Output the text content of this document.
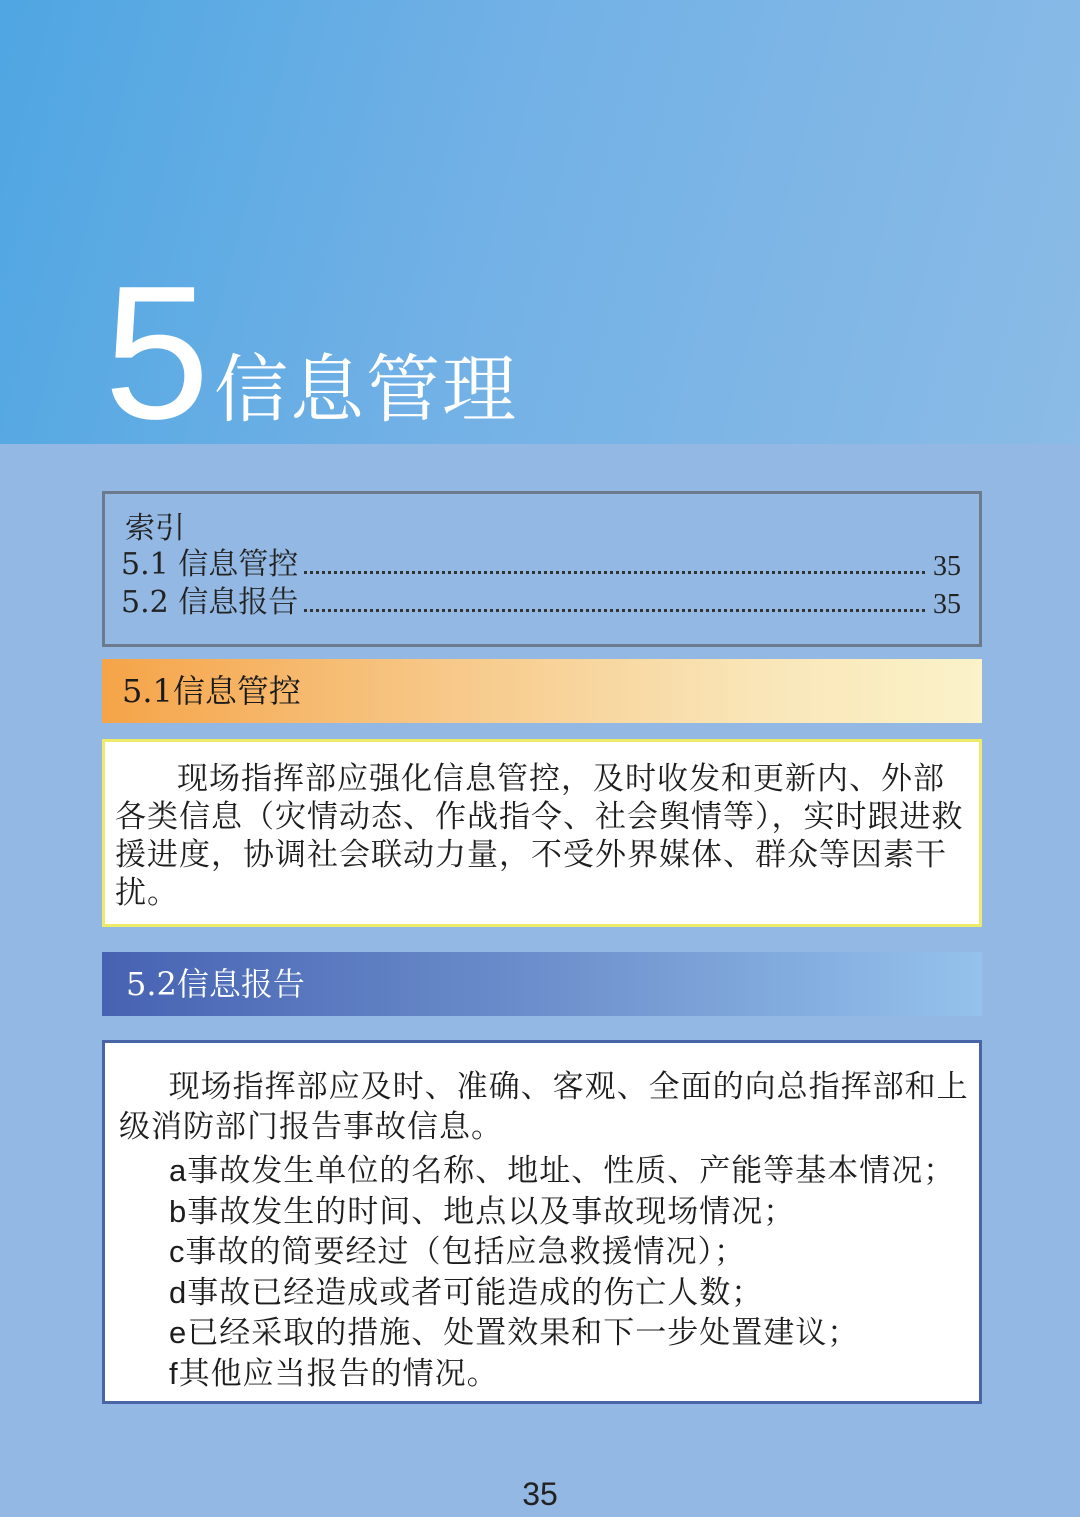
5 信息管理
索引
5.1 信息管控	35
5.2 信息报告	35
5.1信息管控

现场指挥部应强化信息管控，及时收发和更新内、外部各类信息（灾情动态、作战指令、社会舆情等），实时跟进救援进度，协调社会联动力量，不受外界媒体、群众等因素干扰。

5.2信息报告

现场指挥部应及时、准确、客观、全面的向总指挥部和上级消防部门报告事故信息。

a事故发生单位的名称、地址、性质、产能等基本情况；
b事故发生的时间、地点以及事故现场情况；
c事故的简要经过（包括应急救援情况）；
d事故已经造成或者可能造成的伤亡人数；
e已经采取的措施、处置效果和下一步处置建议；
f其他应当报告的情况。
35
